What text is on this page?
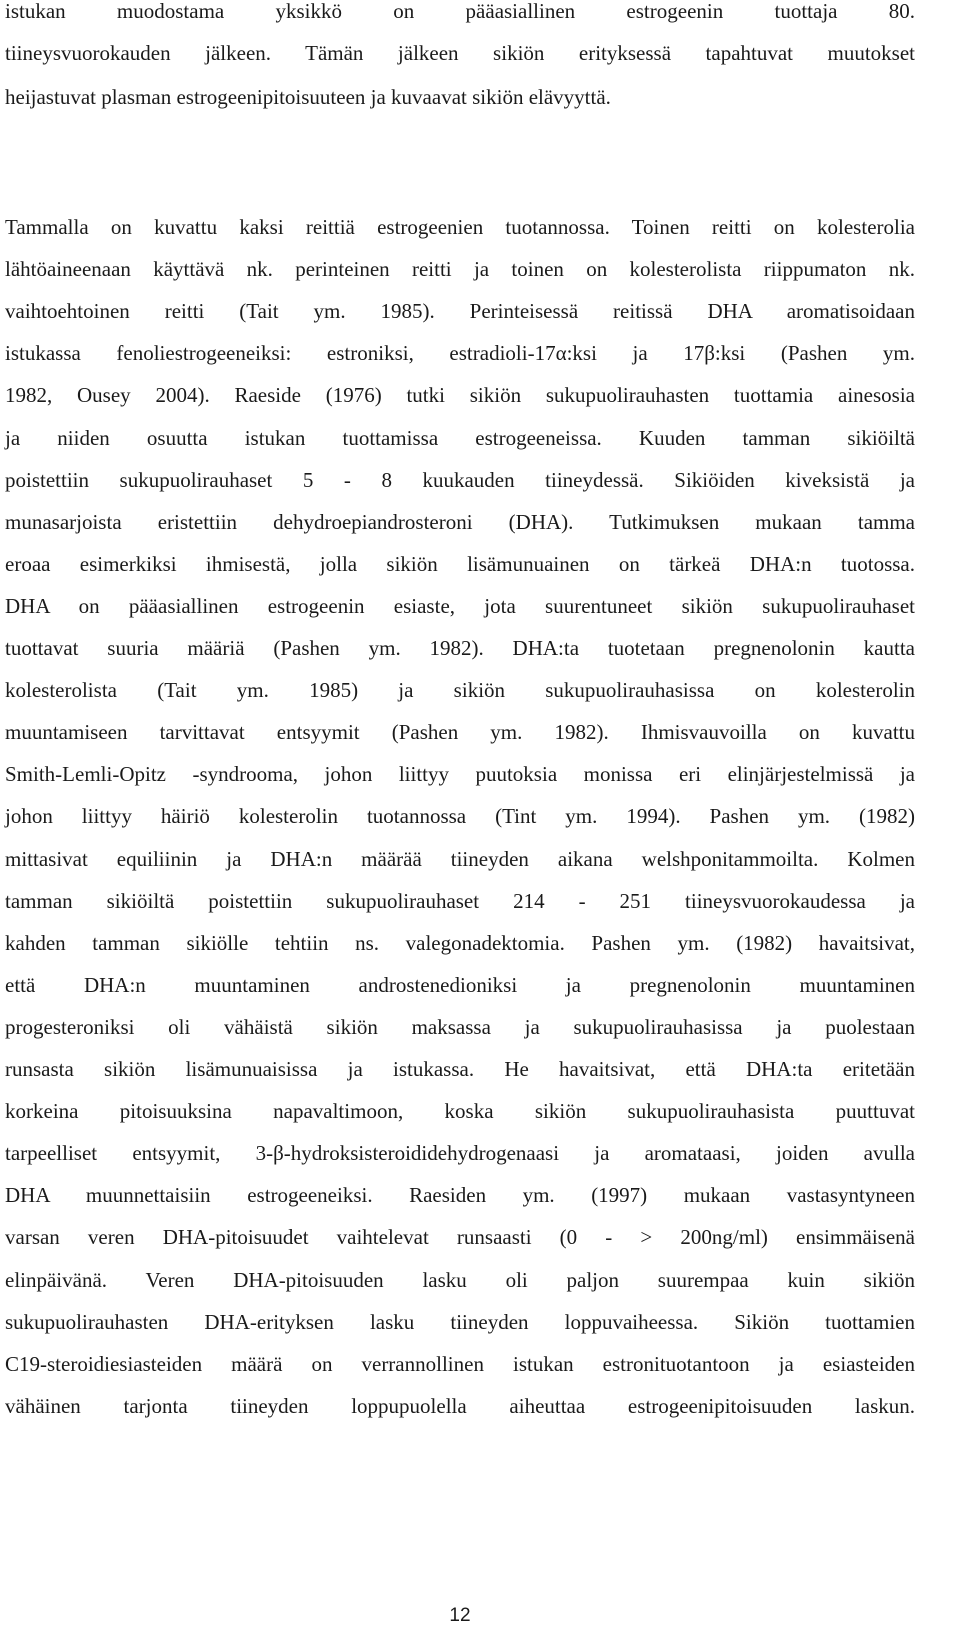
istukan muodostama yksikkö on pääasiallinen estrogeenin tuottaja 80.
tiineysvuorokauden jälkeen. Tämän jälkeen sikiön erityksessä tapahtuvat muutokset
heijastuvat plasman estrogeenipitoisuuteen ja kuvaavat sikiön elävyyttä.
Tammalla on kuvattu kaksi reittiä estrogeenien tuotannossa. Toinen reitti on kolesterolia
lähtöaineenaan käyttävä nk. perinteinen reitti ja toinen on kolesterolista riippumaton nk.
vaihtoehtoinen reitti (Tait ym. 1985). Perinteisessä reitissä DHA aromatisoidaan
istukassa fenoliestrogeeneiksi: estroniksi, estradioli-17α:ksi ja 17β:ksi (Pashen ym.
1982, Ousey 2004). Raeside (1976) tutki sikiön sukupuolirauhasten tuottamia ainesosia
ja niiden osuutta istukan tuottamissa estrogeeneissa. Kuuden tamman sikiöiltä
poistettiin sukupuolirauhaset 5 - 8 kuukauden tiineydessä. Sikiöiden kiveksistä ja
munasarjoista eristettiin dehydroepiandrosteroni (DHA). Tutkimuksen mukaan tamma
eroaa esimerkiksi ihmisestä, jolla sikiön lisämunuainen on tärkeä DHA:n tuotossa.
DHA on pääasiallinen estrogeenin esiaste, jota suurentuneet sikiön sukupuolirauhaset
tuottavat suuria määriä (Pashen ym. 1982). DHA:ta tuotetaan pregnenolonin kautta
kolesterolista (Tait ym. 1985) ja sikiön sukupuolirauhasissa on kolesterolin
muuntamiseen tarvittavat entsyymit (Pashen ym. 1982). Ihmisvauvoilla on kuvattu
Smith-Lemli-Opitz -syndrooma, johon liittyy puutoksia monissa eri elinjärjestelmissä ja
johon liittyy häiriö kolesterolin tuotannossa (Tint ym. 1994). Pashen ym. (1982)
mittasivat equiliinin ja DHA:n määrää tiineyden aikana welshponitammoilta. Kolmen
tamman sikiöiltä poistettiin sukupuolirauhaset 214 - 251 tiineysvuorokaudessa ja
kahden tamman sikiölle tehtiin ns. valegonadektomia. Pashen ym. (1982) havaitsivat,
että DHA:n muuntaminen androstenedioniksi ja pregnenolonin muuntaminen
progesteroniksi oli vähäistä sikiön maksassa ja sukupuolirauhasissa ja puolestaan
runsasta sikiön lisämunuaisissa ja istukassa. He havaitsivat, että DHA:ta eritetään
korkeina pitoisuuksina napavaltimoon, koska sikiön sukupuolirauhasista puuttuvat
tarpeelliset entsyymit, 3-β-hydroksisteroididehydrogenaasi ja aromataasi, joiden avulla
DHA muunnettaisiin estrogeeneiksi. Raesiden ym. (1997) mukaan vastasyntyneen
varsan veren DHA-pitoisuudet vaihtelevat runsaasti (0 - > 200ng/ml) ensimmäisenä
elinpäivänä. Veren DHA-pitoisuuden lasku oli paljon suurempaa kuin sikiön
sukupuolirauhasten DHA-erityksen lasku tiineyden loppuvaiheessa. Sikiön tuottamien
C19-steroidiesiasteiden määrä on verrannollinen istukan estronituotantoon ja esiasteiden
vähäinen tarjonta tiineyden loppupuolella aiheuttaa estrogeenipitoisuuden laskun.
12
